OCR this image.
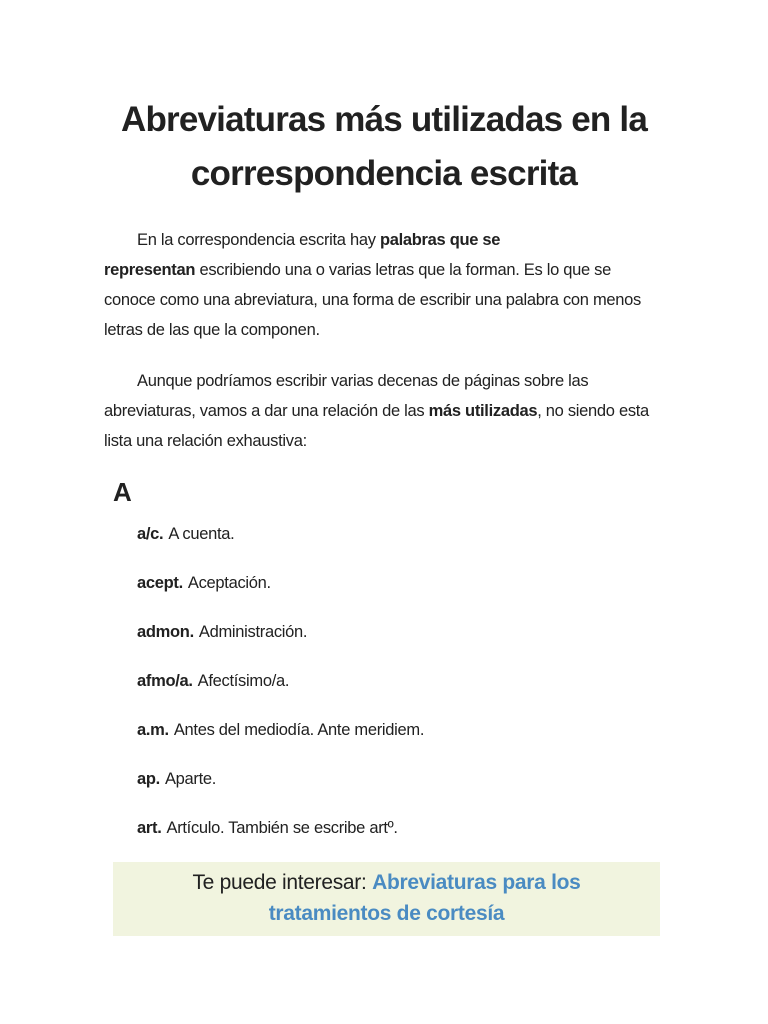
Abreviaturas más utilizadas en la
correspondencia escrita

En la correspondencia escrita hay palabras que se
representan escribiendo una o varias letras que la forman. Es lo que se conoce como una abreviatura, una forma de escribir una palabra con menos letras de las que la componen.

Aunque podríamos escribir varias decenas de páginas sobre las abreviaturas, vamos a dar una relación de las más utilizadas, no siendo esta lista una relación exhaustiva:

A

a/c. A cuenta.

acept. Aceptación.

admon. Administración.

afmo/a. Afectísimo/a.

a.m. Antes del mediodía. Ante meridiem.

ap. Aparte.

art. Artículo. También se escribe artº.

Te puede interesar: Abreviaturas para los tratamientos de cortesía
